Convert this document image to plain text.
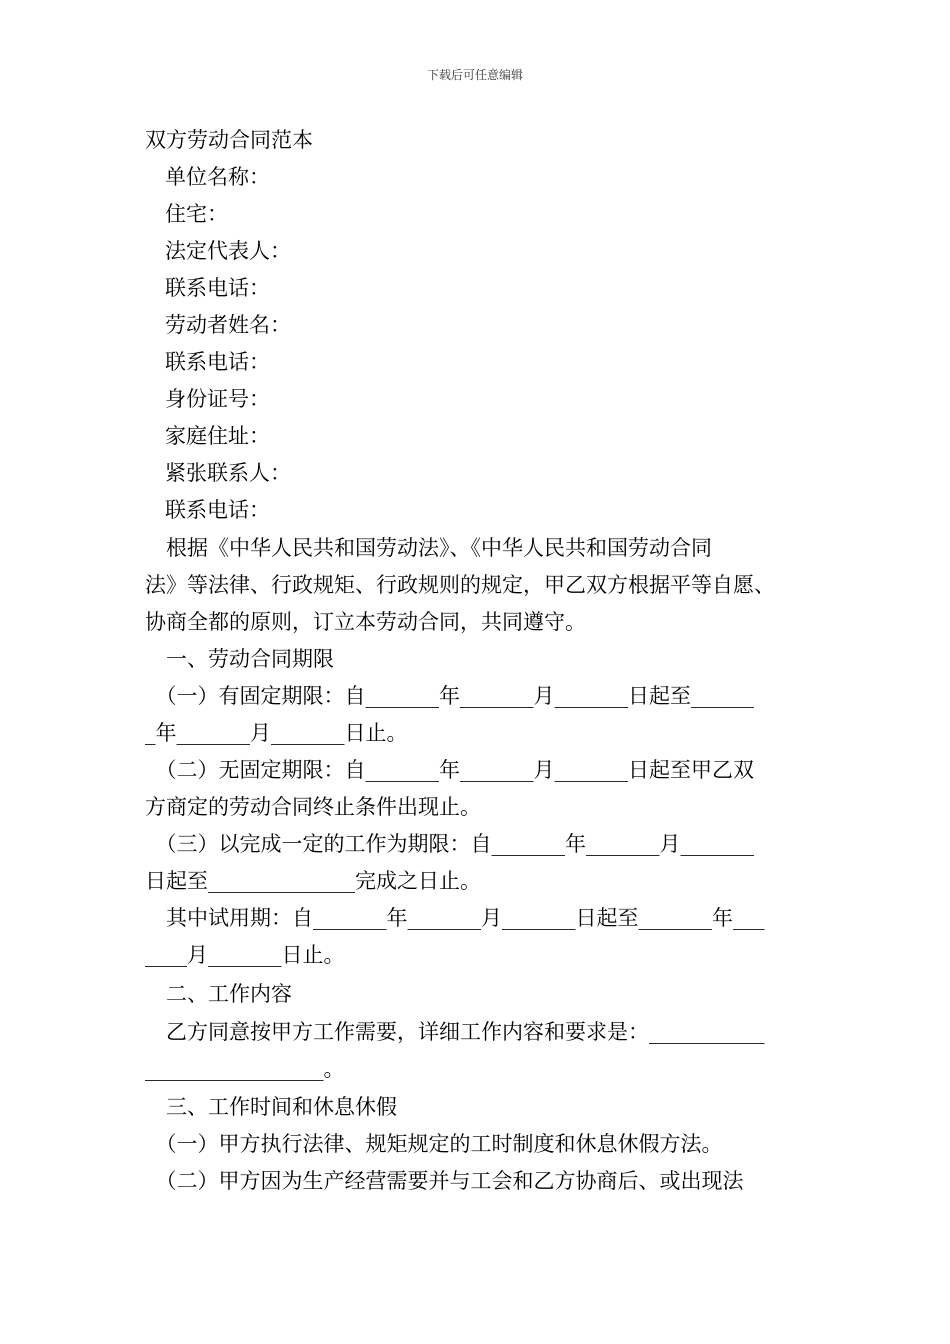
下载后可任意编辑
双方劳动合同范本
单位名称：
住宅：
法定代表人：
联系电话：
劳动者姓名：
联系电话：
身份证号：
家庭住址：
紧张联系人：
联系电话：
　根据《中华人民共和国劳动法》、《中华人民共和国劳动合同
法》等法律、行政规矩、行政规则的规定，甲乙双方根据平等自愿、
协商全都的原则，订立本劳动合同，共同遵守。
　一、劳动合同期限
　（一）有固定期限：自_______年_______月_______日起至______
_年_______月_______日止。
　（二）无固定期限：自_______年_______月_______日起至甲乙双
方商定的劳动合同终止条件出现止。
　（三）以完成一定的工作为期限：自_______年_______月_______
日起至______________完成之日止。
　其中试用期：自_______年_______月_______日起至_______年___
____月_______日止。
　二、工作内容
　乙方同意按甲方工作需要，详细工作内容和要求是：___________
_________________。
　三、工作时间和休息休假
　（一）甲方执行法律、规矩规定的工时制度和休息休假方法。
　（二）甲方因为生产经营需要并与工会和乙方协商后、或出现法
